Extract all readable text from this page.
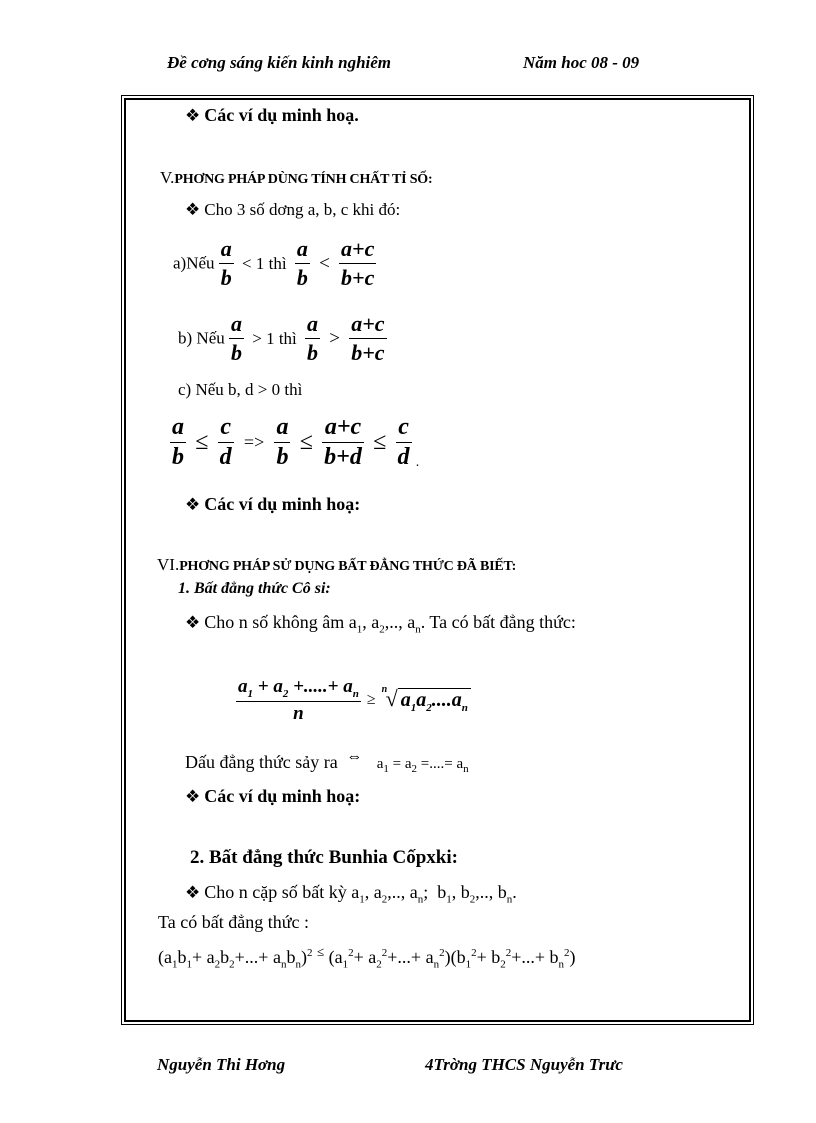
Đề cơng sáng kiến kinh nghiêm	Năm hoc 08 - 09
❖ Các ví dụ minh hoạ.
V.PHƠNG PHÁP DÙNG TÍNH CHẤT TỈ SỐ:
❖ Cho 3 số dơng a, b, c khi đó:
a)Nếu $\frac{a}{b} < 1$ thì $\frac{a}{b} < \frac{a+c}{b+c}$
b) Nếu $\frac{a}{b} > 1$ thì $\frac{a}{b} > \frac{a+c}{b+c}$
c) Nếu b, d > 0 thì
$\frac{a}{b} \le \frac{c}{d} => \frac{a}{b} \le \frac{a+c}{b+d} \le \frac{c}{d}$ .
❖ Các ví dụ minh hoạ:
VI.PHƠNG PHÁP SỬ DỤNG BẤT ĐẲNG THỨC ĐÃ BIẾT:
1. Bất đẳng thức Cô si:
❖ Cho n số không âm $a_1$, $a_2$,.., $a_n$. Ta có bất đẳng thức:
$\frac{a_1 + a_2 +.....+ a_n}{n}$ ≥
n
√ $a_1a_2....a_n$
Dấu đẳng thức sảy ra ⇔ $a_1 = a_2$ =....= $a_n$
❖ Các ví dụ minh hoạ:
2. Bất đẳng thức Bunhia Cốpxki:
❖ Cho n cặp số bất kỳ $a_1$, $a_2$,.., $a_n$;  $b_1$, $b_2$,.., $b_n$.
Ta có bất đẳng thức :
$(a_1b_1+ a_2b_2+...+ a_nb_n)^2$ ≤ $(a_1^2+ a_2^2+...+ a_n^2)(b_1^2+ b_2^2+...+ b_n^2)$
Nguyễn Thi Hơng	4Trờng THCS Nguyễn Trưc
